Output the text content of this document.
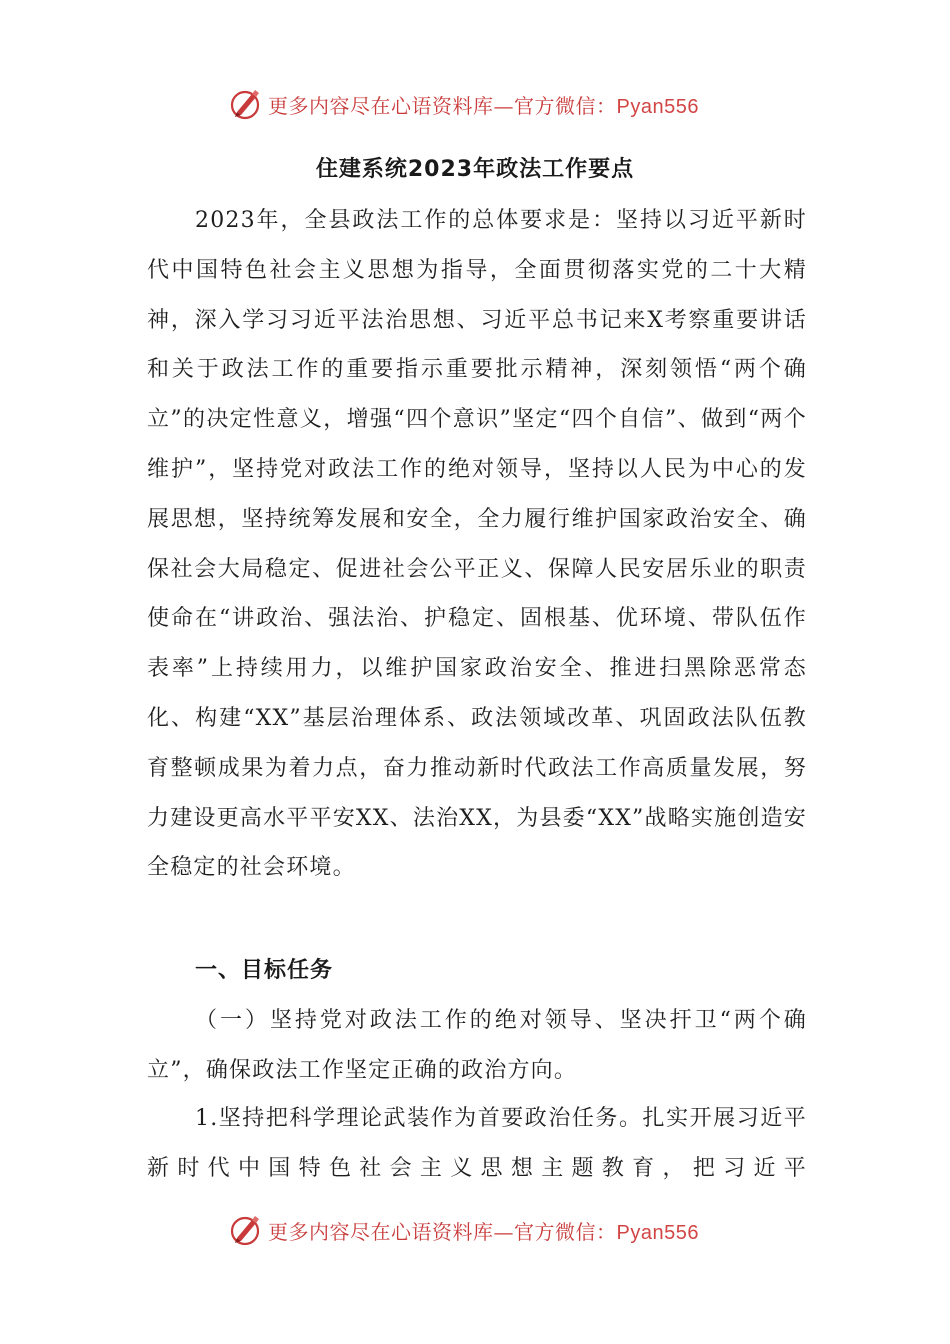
更多内容尽在心语资料库—官方微信：Pyan556
住建系统2023年政法工作要点
2023年，全县政法工作的总体要求是：坚持以习近平新时代中国特色社会主义思想为指导，全面贯彻落实党的二十大精神，深入学习习近平法治思想、习近平总书记来X考察重要讲话和关于政法工作的重要指示重要批示精神，深刻领悟“两个确立”的决定性意义，增强“四个意识”坚定“四个自信”、做到“两个维护”，坚持党对政法工作的绝对领导，坚持以人民为中心的发展思想，坚持统筹发展和安全，全力履行维护国家政治安全、确保社会大局稳定、促进社会公平正义、保障人民安居乐业的职责使命在“讲政治、强法治、护稳定、固根基、优环境、带队伍作表率”上持续用力，以维护国家政治安全、推进扫黑除恶常态化、构建“XX”基层治理体系、政法领域改革、巩固政法队伍教育整顿成果为着力点，奋力推动新时代政法工作高质量发展，努力建设更高水平平安XX、法治XX，为县委“XX”战略实施创造安全稳定的社会环境。
一、目标任务
（一）坚持党对政法工作的绝对领导、坚决扞卫“两个确立”，确保政法工作坚定正确的政治方向。
1.坚持把科学理论武装作为首要政治任务。扎实开展习近平新时代中国特色社会主义思想主题教育，把习近平
更多内容尽在心语资料库—官方微信：Pyan556
